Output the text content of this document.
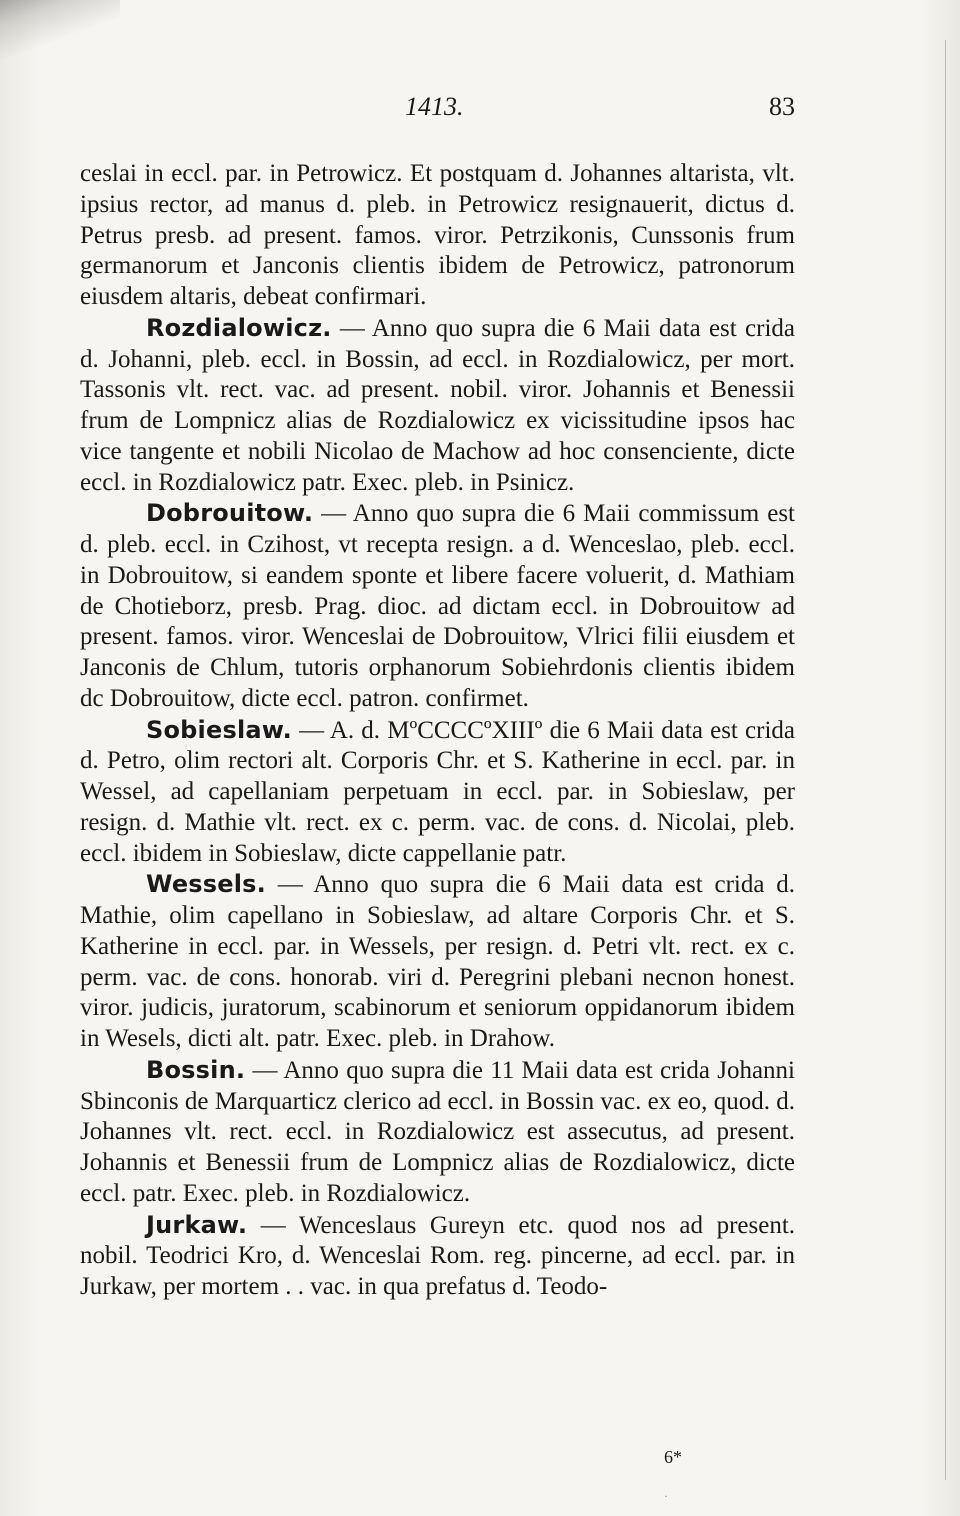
1413.	83

ceslai in eccl. par. in Petrowicz. Et postquam d. Johannes altarista, vlt. ipsius rector, ad manus d. pleb. in Petrowicz resignauerit, dictus d. Petrus presb. ad present. famos. viror. Petrzikonis, Cunssonis frum germanorum et Janconis clientis ibidem de Petrowicz, patronorum eiusdem altaris, debeat confirmari.

Rozdialowicz. — Anno quo supra die 6 Maii data est crida d. Johanni, pleb. eccl. in Bossin, ad eccl. in Rozdialowicz, per mort. Tassonis vlt. rect. vac. ad present. nobil. viror. Johannis et Benessii frum de Lompnicz alias de Rozdialowicz ex vicissitudine ipsos hac vice tangente et nobili Nicolao de Machow ad hoc consenciente, dicte eccl. in Rozdialowicz patr. Exec. pleb. in Psinicz.

Dobrouitow. — Anno quo supra die 6 Maii commissum est d. pleb. eccl. in Czihost, vt recepta resign. a d. Wenceslao, pleb. eccl. in Dobrouitow, si eandem sponte et libere facere voluerit, d. Mathiam de Chotieborz, presb. Prag. dioc. ad dictam eccl. in Dobrouitow ad present. famos. viror. Wenceslai de Dobrouitow, Vlrici filii eiusdem et Janconis de Chlum, tutoris orphanorum Sobiehrdonis clientis ibidem dc Dobrouitow, dicte eccl. patron. confirmet.

Sobieslaw. — A. d. MºCCCCºXIIIº die 6 Maii data est crida d. Petro, olim rectori alt. Corporis Chr. et S. Katherine in eccl. par. in Wessel, ad capellaniam perpetuam in eccl. par. in Sobieslaw, per resign. d. Mathie vlt. rect. ex c. perm. vac. de cons. d. Nicolai, pleb. eccl. ibidem in Sobieslaw, dicte cappellanie patr.

Wessels. — Anno quo supra die 6 Maii data est crida d. Mathie, olim capellano in Sobieslaw, ad altare Corporis Chr. et S. Katherine in eccl. par. in Wessels, per resign. d. Petri vlt. rect. ex c. perm. vac. de cons. honorab. viri d. Peregrini plebani necnon honest. viror. judicis, juratorum, scabinorum et seniorum oppidanorum ibidem in Wesels, dicti alt. patr. Exec. pleb. in Drahow.

Bossin. — Anno quo supra die 11 Maii data est crida Johanni Sbinconis de Marquarticz clerico ad eccl. in Bossin vac. ex eo, quod. d. Johannes vlt. rect. eccl. in Rozdialowicz est assecutus, ad present. Johannis et Benessii frum de Lompnicz alias de Rozdialowicz, dicte eccl. patr. Exec. pleb. in Rozdialowicz.

Jurkaw. — Wenceslaus Gureyn etc. quod nos ad present. nobil. Teodrici Kro, d. Wenceslai Rom. reg. pincerne, ad eccl. par. in Jurkaw, per mortem . . vac. in qua prefatus d. Teodo-

6*
·
